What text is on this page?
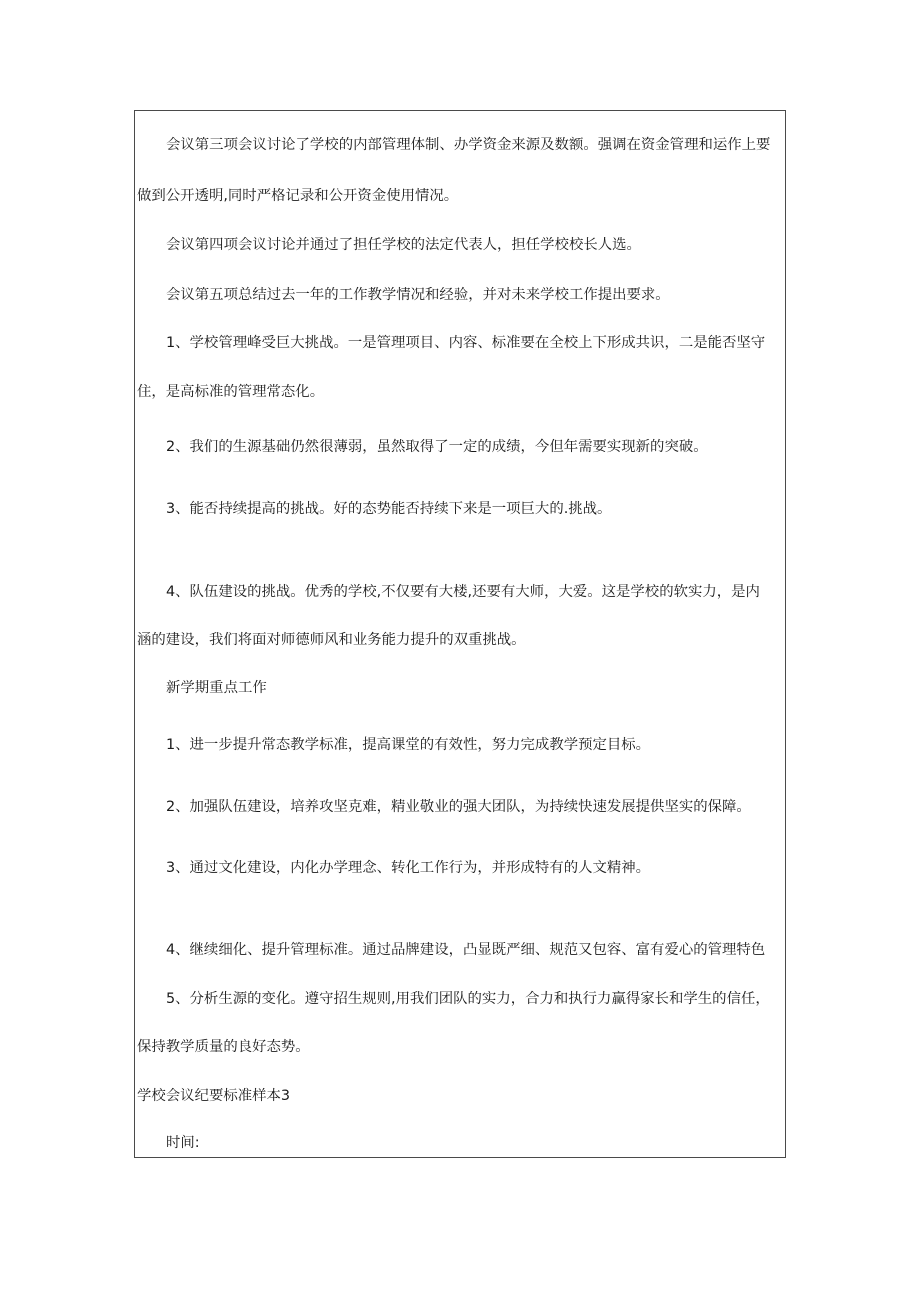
会议第三项会议讨论了学校的内部管理体制、办学资金来源及数额。强调在资金管理和运作上要
做到公开透明,同时严格记录和公开资金使用情况。
会议第四项会议讨论并通过了担任学校的法定代表人，担任学校校长人选。
会议第五项总结过去一年的工作教学情况和经验，并对未来学校工作提出要求。
1、学校管理峰受巨大挑战。一是管理项目、内容、标准要在全校上下形成共识，二是能否坚守
住，是高标准的管理常态化。
2、我们的生源基础仍然很薄弱，虽然取得了一定的成绩，今但年需要实现新的突破。
3、能否持续提高的挑战。好的态势能否持续下来是一项巨大的.挑战。
4、队伍建设的挑战。优秀的学校,不仅要有大楼,还要有大师，大爱。这是学校的软实力，是内
涵的建设，我们将面对师德师风和业务能力提升的双重挑战。
新学期重点工作
1、进一步提升常态教学标准，提高课堂的有效性，努力完成教学预定目标。
2、加强队伍建设，培养攻坚克难，精业敬业的强大团队，为持续快速发展提供坚实的保障。
3、通过文化建设，内化办学理念、转化工作行为，并形成特有的人文精神。
4、继续细化、提升管理标准。通过品牌建设，凸显既严细、规范又包容、富有爱心的管理特色
5、分析生源的变化。遵守招生规则,用我们团队的实力，合力和执行力赢得家长和学生的信任，
保持教学质量的良好态势。
学校会议纪要标准样本3
时间:
